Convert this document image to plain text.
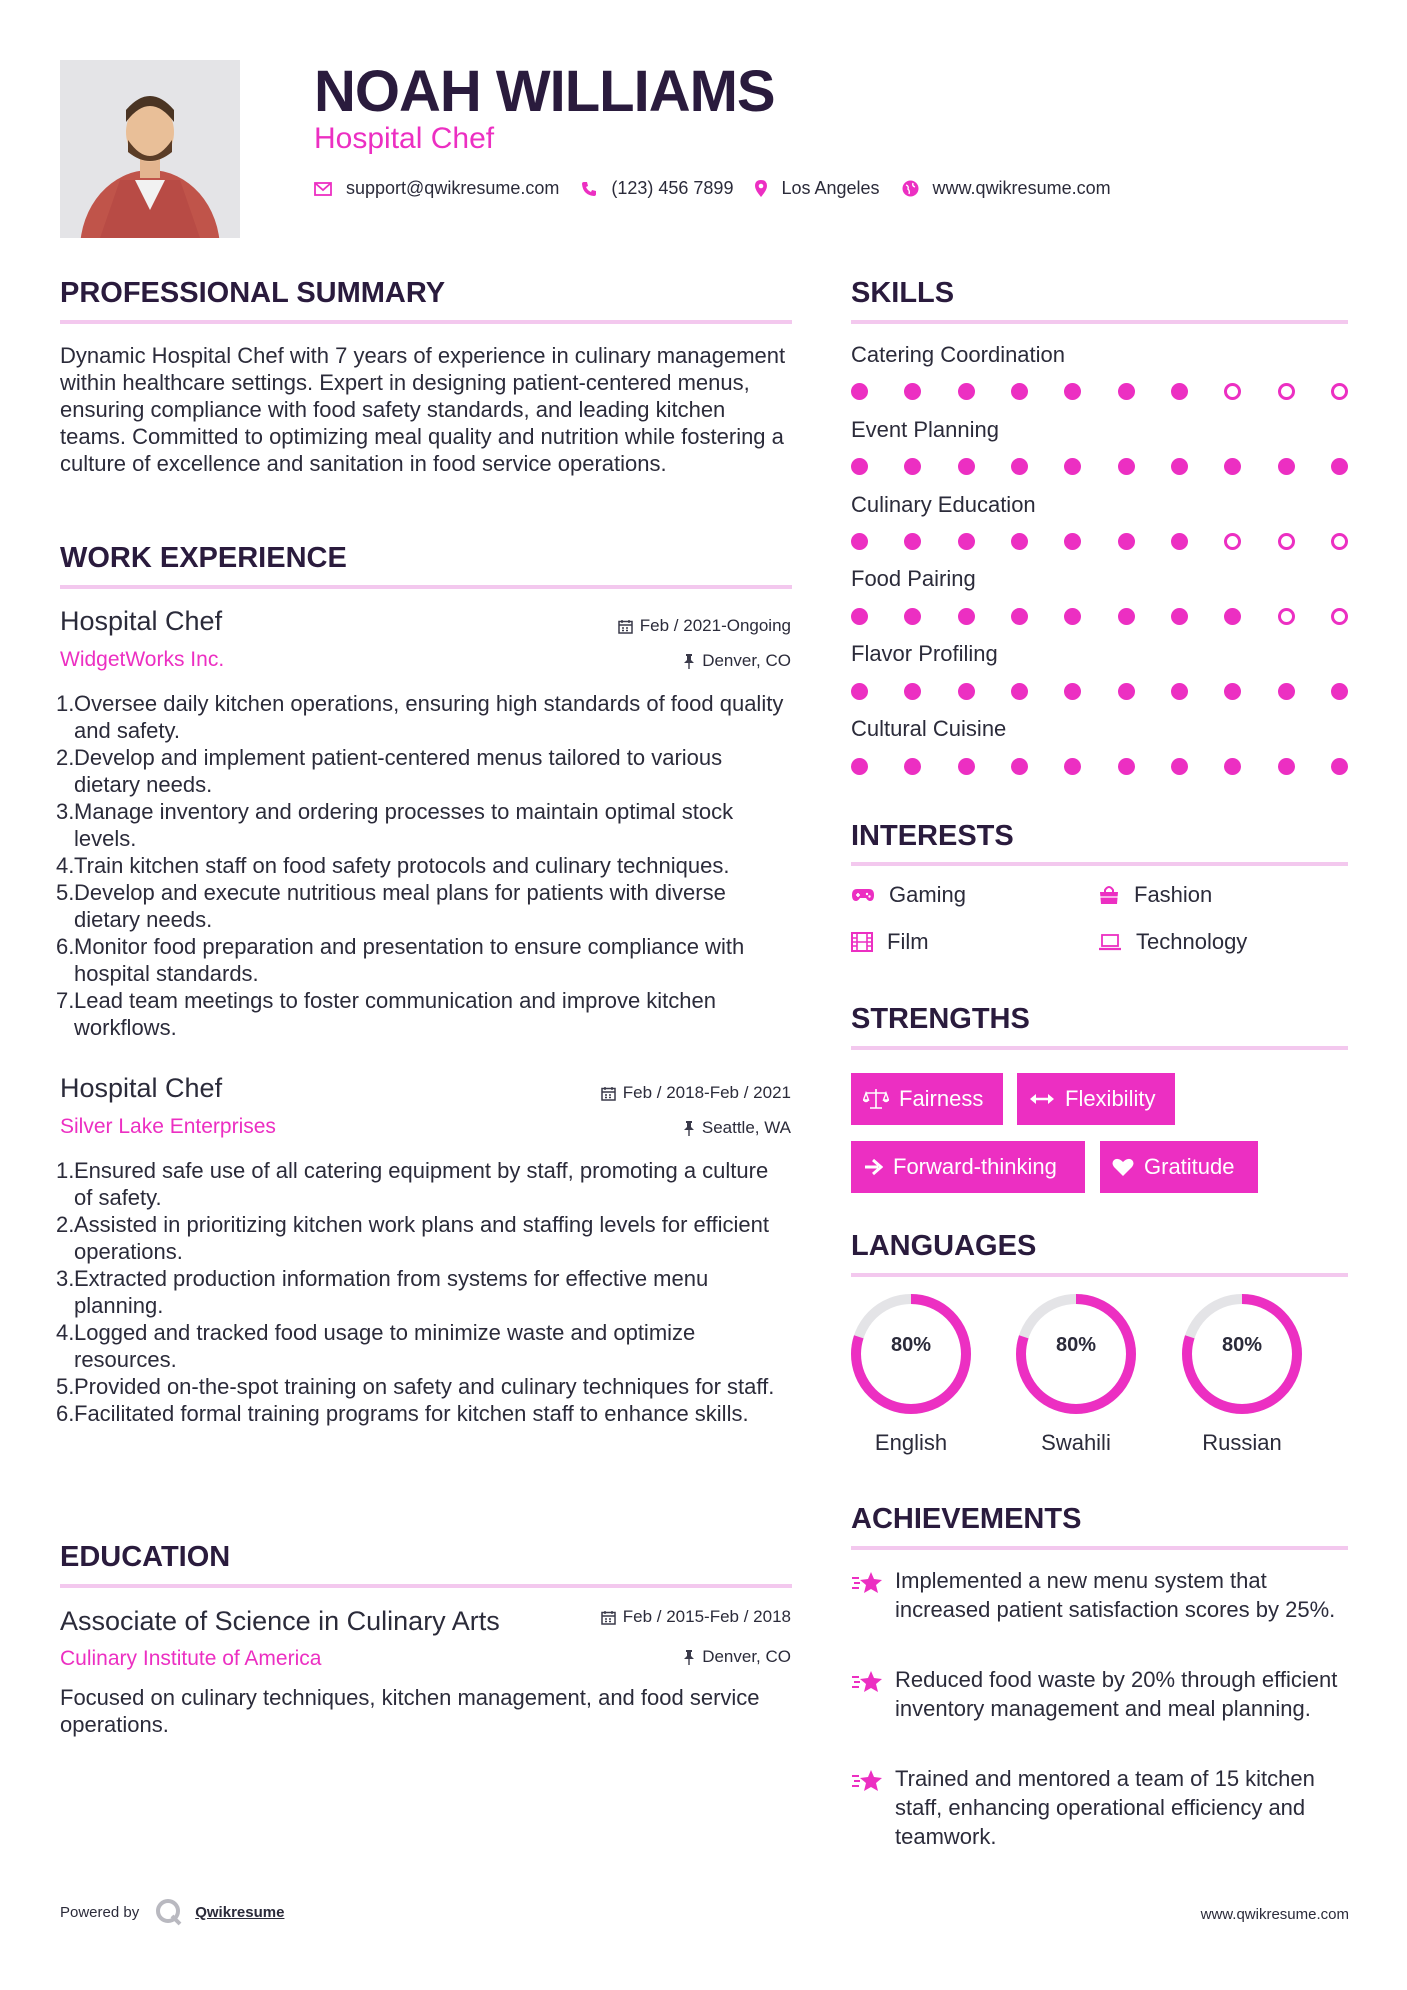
NOAH WILLIAMS
Hospital Chef
support@qwikresume.com	(123) 456 7899	Los Angeles	www.qwikresume.com
PROFESSIONAL SUMMARY
Dynamic Hospital Chef with 7 years of experience in culinary management within healthcare settings. Expert in designing patient-centered menus, ensuring compliance with food safety standards, and leading kitchen teams. Committed to optimizing meal quality and nutrition while fostering a culture of excellence and sanitation in food service operations.
WORK EXPERIENCE
Hospital Chef
WidgetWorks Inc.
Feb / 2021-Ongoing
Denver, CO
1. Oversee daily kitchen operations, ensuring high standards of food quality and safety.
2. Develop and implement patient-centered menus tailored to various dietary needs.
3. Manage inventory and ordering processes to maintain optimal stock levels.
4. Train kitchen staff on food safety protocols and culinary techniques.
5. Develop and execute nutritious meal plans for patients with diverse dietary needs.
6. Monitor food preparation and presentation to ensure compliance with hospital standards.
7. Lead team meetings to foster communication and improve kitchen workflows.
Hospital Chef
Silver Lake Enterprises
Feb / 2018-Feb / 2021
Seattle, WA
1. Ensured safe use of all catering equipment by staff, promoting a culture of safety.
2. Assisted in prioritizing kitchen work plans and staffing levels for efficient operations.
3. Extracted production information from systems for effective menu planning.
4. Logged and tracked food usage to minimize waste and optimize resources.
5. Provided on-the-spot training on safety and culinary techniques for staff.
6. Facilitated formal training programs for kitchen staff to enhance skills.
EDUCATION
Associate of Science in Culinary Arts
Culinary Institute of America
Feb / 2015-Feb / 2018
Denver, CO
Focused on culinary techniques, kitchen management, and food service operations.
SKILLS
Catering Coordination
Event Planning
Culinary Education
Food Pairing
Flavor Profiling
Cultural Cuisine
INTERESTS
Gaming	Fashion
Film	Technology
STRENGTHS
Fairness	Flexibility
Forward-thinking	Gratitude
LANGUAGES
80%
English
80%
Swahili
80%
Russian
ACHIEVEMENTS
Implemented a new menu system that increased patient satisfaction scores by 25%.
Reduced food waste by 20% through efficient inventory management and meal planning.
Trained and mentored a team of 15 kitchen staff, enhancing operational efficiency and teamwork.
Powered by	Qwikresume	www.qwikresume.com
